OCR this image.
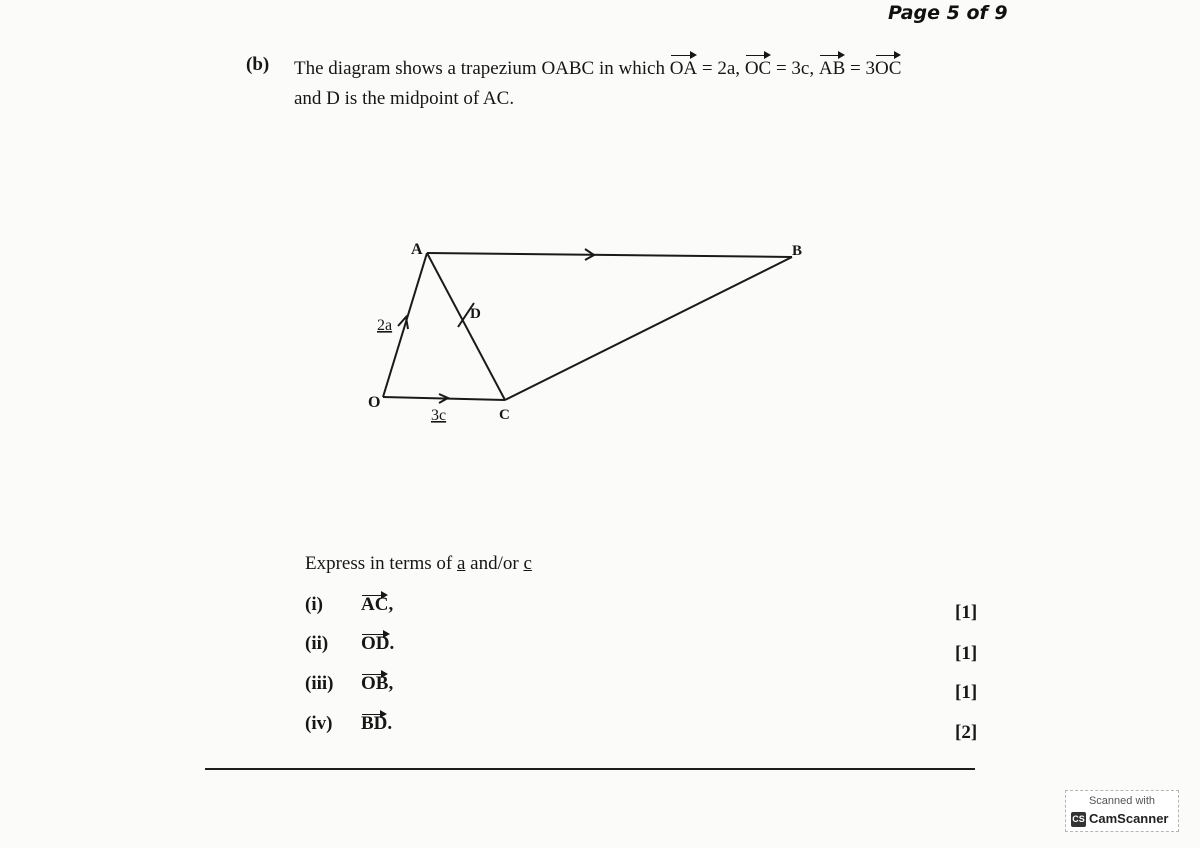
Page 5 of 9
(b) The diagram shows a trapezium OABC in which OA = 2a, OC = 3c, AB = 3OC
and D is the midpoint of AC.
A	B
O
C
D
2a
3c
Express in terms of a and/or c
(i) AC,	[1]
(ii) OD.	[1]
(iii) OB,	[1]
(iv) BD.	[2]
Scanned with
CS CamScanner
